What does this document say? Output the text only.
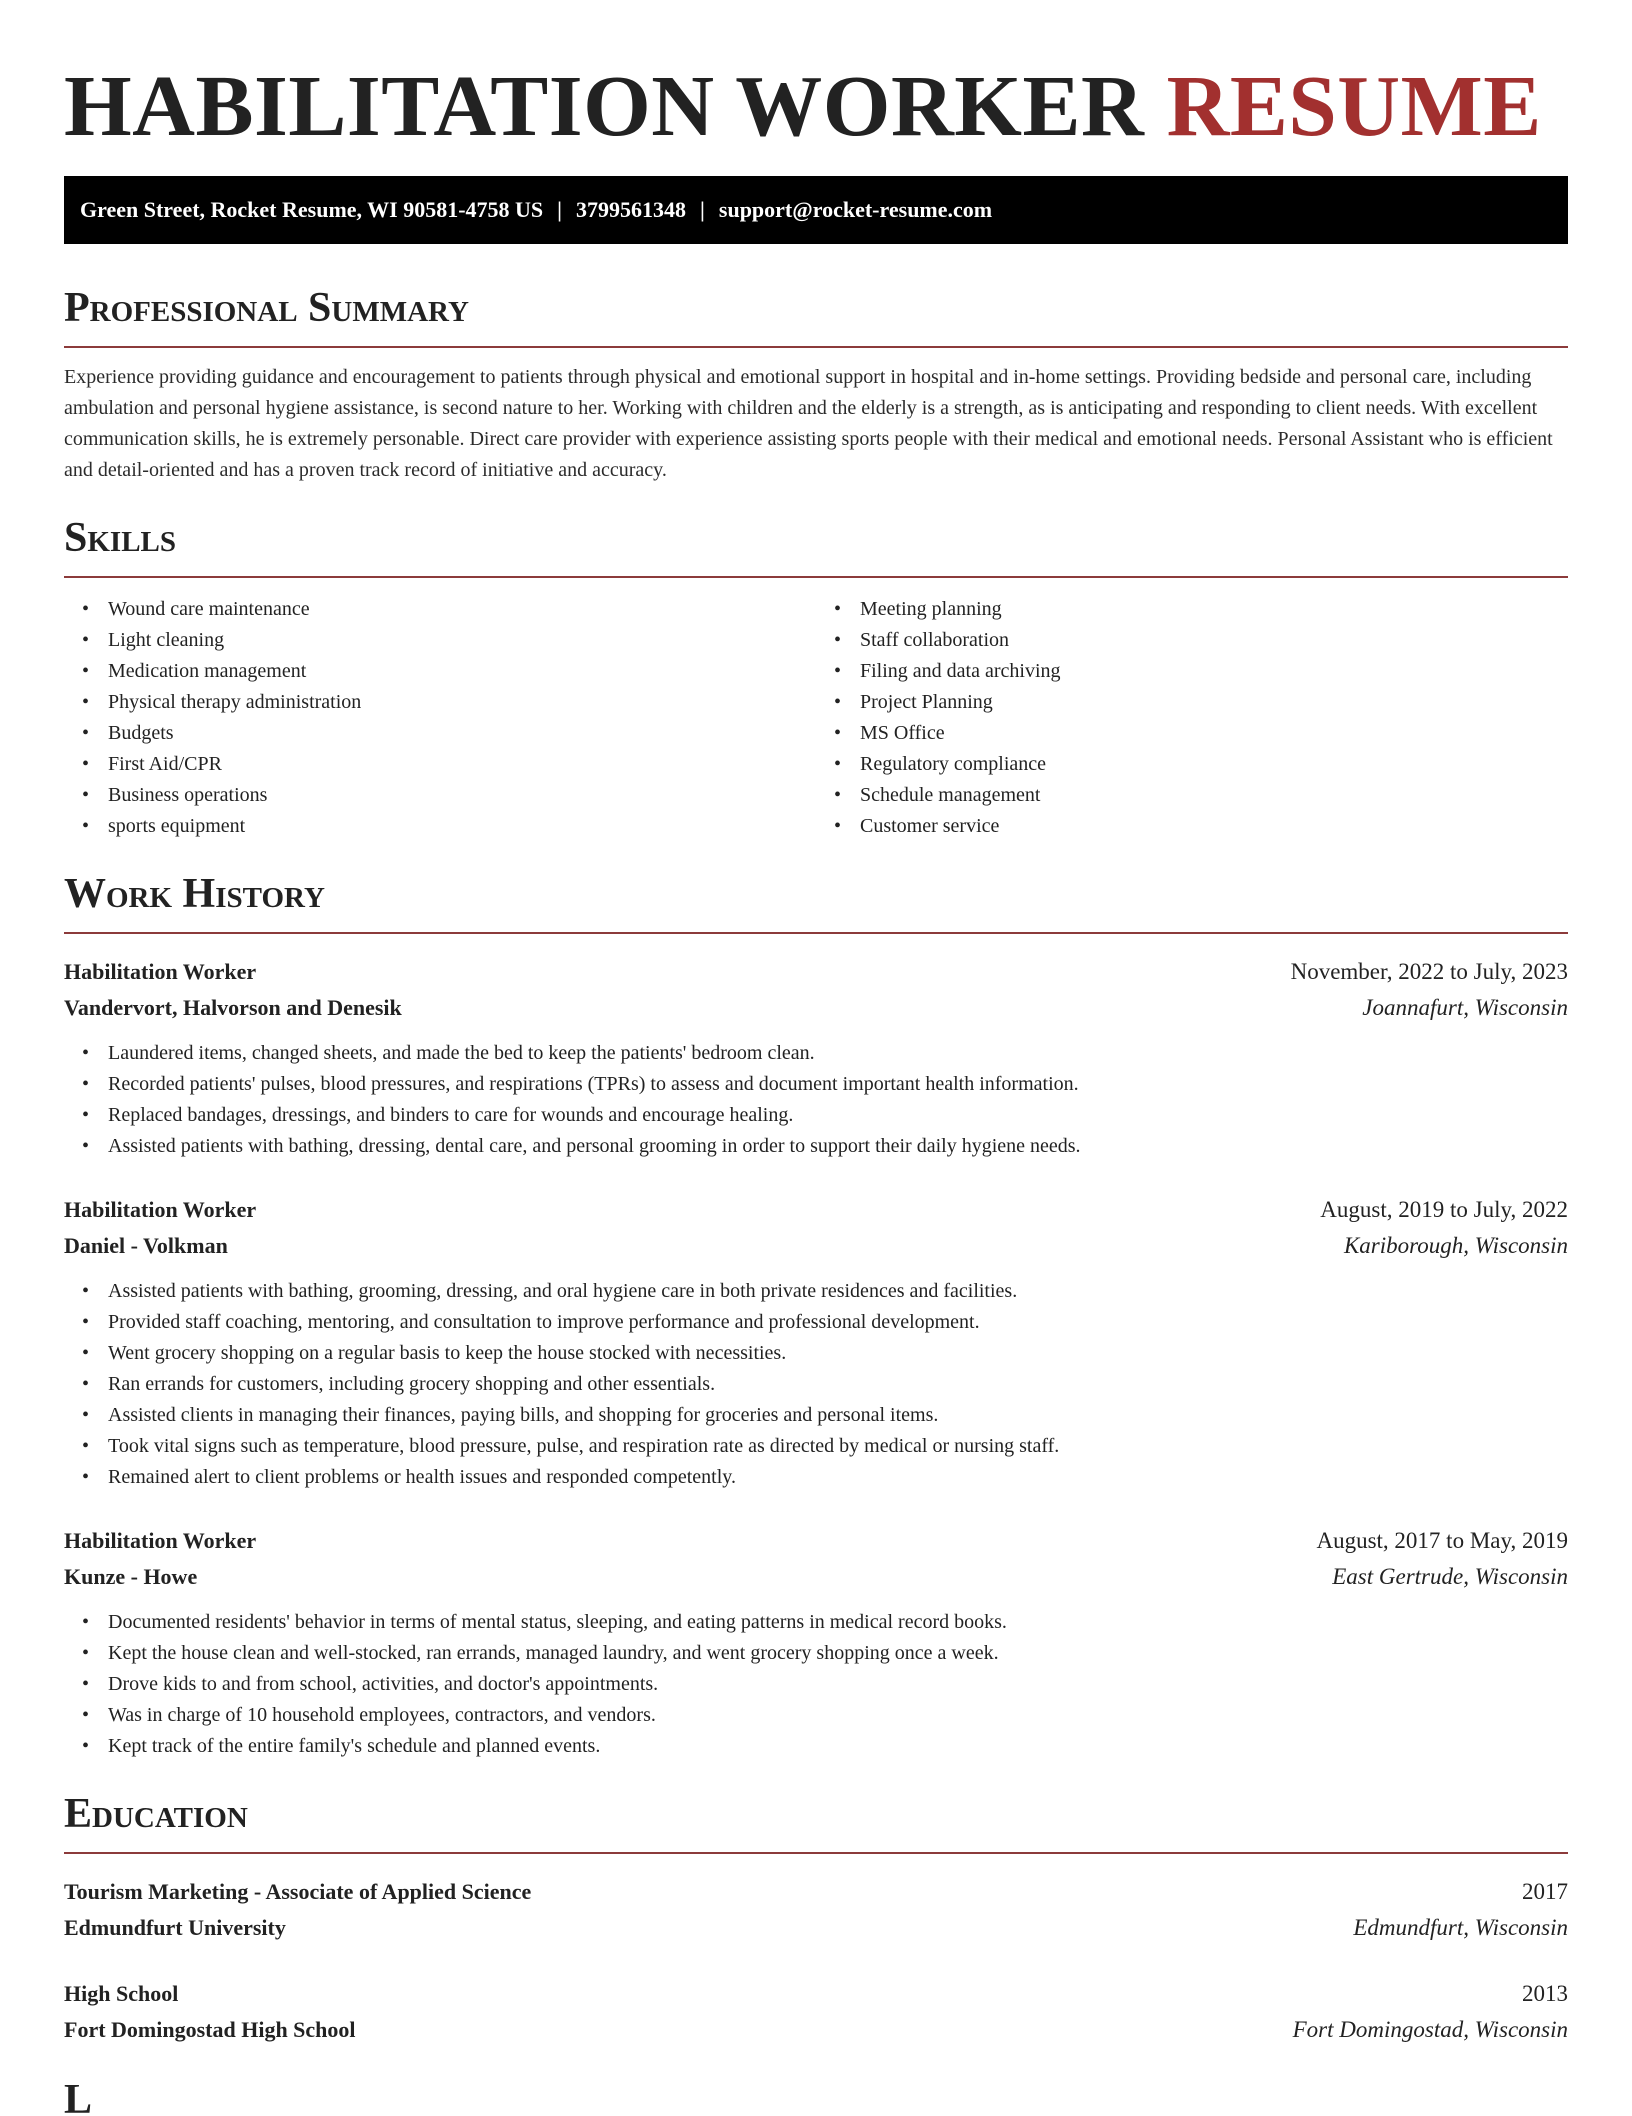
HABILITATION WORKER RESUME
Green Street, Rocket Resume, WI 90581-4758 US | 3799561348 | support@rocket-resume.com
Professional Summary

Experience providing guidance and encouragement to patients through physical and emotional support in hospital and in-home settings. Providing bedside and personal care, including ambulation and personal hygiene assistance, is second nature to her. Working with children and the elderly is a strength, as is anticipating and responding to client needs. With excellent communication skills, he is extremely personable. Direct care provider with experience assisting sports people with their medical and emotional needs. Personal Assistant who is efficient and detail-oriented and has a proven track record of initiative and accuracy.

Skills
• Wound care maintenance
• Light cleaning
• Medication management
• Physical therapy administration
• Budgets
• First Aid/CPR
• Business operations
• sports equipment
• Meeting planning
• Staff collaboration
• Filing and data archiving
• Project Planning
• MS Office
• Regulatory compliance
• Schedule management
• Customer service
Work History
Habilitation Worker	November, 2022 to July, 2023
Vandervort, Halvorson and Denesik	Joannafurt, Wisconsin
• Laundered items, changed sheets, and made the bed to keep the patients' bedroom clean.
• Recorded patients' pulses, blood pressures, and respirations (TPRs) to assess and document important health information.
• Replaced bandages, dressings, and binders to care for wounds and encourage healing.
• Assisted patients with bathing, dressing, dental care, and personal grooming in order to support their daily hygiene needs.
Habilitation Worker	August, 2019 to July, 2022
Daniel - Volkman	Kariborough, Wisconsin
• Assisted patients with bathing, grooming, dressing, and oral hygiene care in both private residences and facilities.
• Provided staff coaching, mentoring, and consultation to improve performance and professional development.
• Went grocery shopping on a regular basis to keep the house stocked with necessities.
• Ran errands for customers, including grocery shopping and other essentials.
• Assisted clients in managing their finances, paying bills, and shopping for groceries and personal items.
• Took vital signs such as temperature, blood pressure, pulse, and respiration rate as directed by medical or nursing staff.
• Remained alert to client problems or health issues and responded competently.
Habilitation Worker	August, 2017 to May, 2019
Kunze - Howe	East Gertrude, Wisconsin
• Documented residents' behavior in terms of mental status, sleeping, and eating patterns in medical record books.
• Kept the house clean and well-stocked, ran errands, managed laundry, and went grocery shopping once a week.
• Drove kids to and from school, activities, and doctor's appointments.
• Was in charge of 10 household employees, contractors, and vendors.
• Kept track of the entire family's schedule and planned events.
Education
Tourism Marketing - Associate of Applied Science	2017
Edmundfurt University	Edmundfurt, Wisconsin
High School	2013
Fort Domingostad High School	Fort Domingostad, Wisconsin
L
